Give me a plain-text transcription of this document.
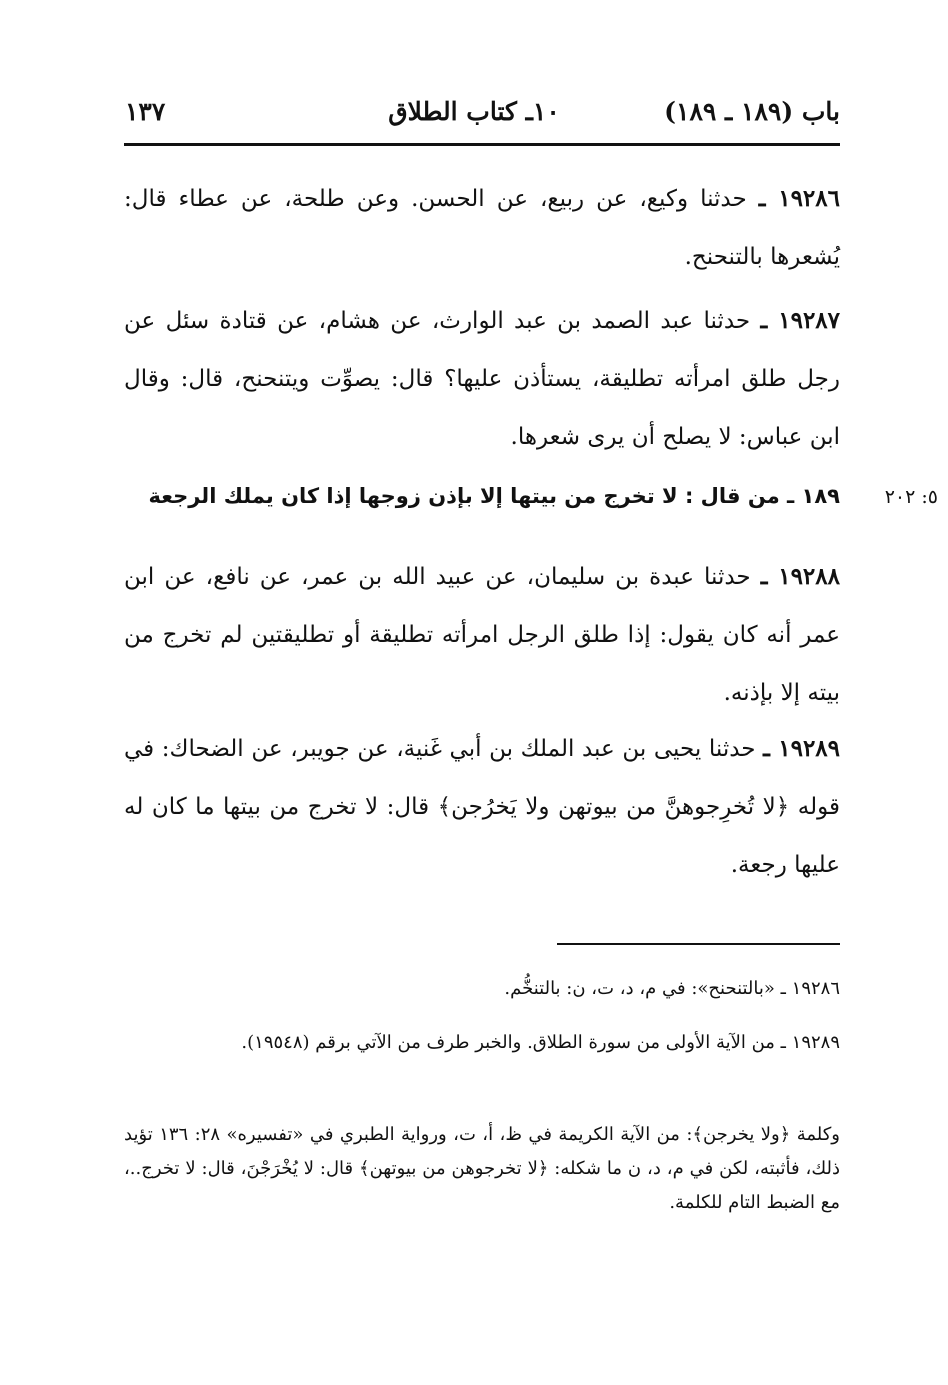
باب (١٨٩ ـ ١٨٩)
١٠ـ كتاب الطلاق
١٣٧
١٩٢٨٦ ـ حدثنا وكيع، عن ربيع، عن الحسن. وعن طلحة، عن عطاء قال: يُشعرها بالتنحنح.
١٩٢٨٧ ـ حدثنا عبد الصمد بن عبد الوارث، عن هشام، عن قتادة سئل عن رجل طلق امرأته تطليقة، يستأذن عليها؟ قال: يصوِّت ويتنحنح، قال: وقال ابن عباس: لا يصلح أن يرى شعرها.
٥: ٢٠٢
١٨٩ ـ من قال : لا تخرج من بيتها إلا بإذن زوجها إذا كان يملك الرجعة
١٩٢٨٨ ـ حدثنا عبدة بن سليمان، عن عبيد الله بن عمر، عن نافع، عن ابن عمر أنه كان يقول: إذا طلق الرجل امرأته تطليقة أو تطليقتين لم تخرج من بيته إلا بإذنه.
١٩٢٨٩ ـ حدثنا يحيى بن عبد الملك بن أبي غَنية، عن جويبر، عن الضحاك: في قوله ﴿لا تُخرِجوهنَّ من بيوتهن ولا يَخرُجن﴾ قال: لا تخرج من بيتها ما كان له عليها رجعة.
١٩٢٨٦ ـ «بالتنحنح»: في م، د، ت، ن: بالتنخُّم.
١٩٢٨٩ ـ من الآية الأولى من سورة الطلاق. والخبر طرف من الآتي برقم (١٩٥٤٨).
وكلمة ﴿ولا يخرجن﴾: من الآية الكريمة في ظ، أ، ت، ورواية الطبري في «تفسيره» ٢٨: ١٣٦ تؤيد ذلك، فأثبته، لكن في م، د، ن ما شكله: ﴿لا تخرجوهن من بيوتهن﴾ قال: لا يُخْرَجْنَ، قال: لا تخرج..، مع الضبط التام للكلمة.
